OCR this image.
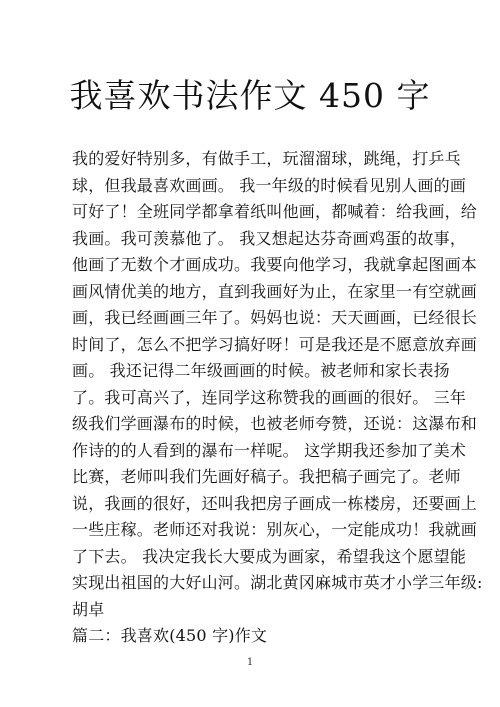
我喜欢书法作文 450 字
我的爱好特别多，有做手工，玩溜溜球，跳绳，打乒乓
球，但我最喜欢画画。 我一年级的时候看见别人画的画
可好了！全班同学都拿着纸叫他画，都喊着：给我画，给
我画。我可羡慕他了。 我又想起达芬奇画鸡蛋的故事，
他画了无数个才画成功。我要向他学习，我就拿起图画本
画风情优美的地方，直到我画好为止，在家里一有空就画
画，我已经画画三年了。妈妈也说：天天画画，已经很长
时间了，怎么不把学习搞好呀！可是我还是不愿意放弃画
画。 我还记得二年级画画的时候。被老师和家长表扬
了。我可高兴了，连同学这称赞我的画画的很好。 三年
级我们学画瀑布的时候，也被老师夸赞，还说：这瀑布和
作诗的的人看到的瀑布一样呢。 这学期我还参加了美术
比赛，老师叫我们先画好稿子。我把稿子画完了。老师
说，我画的很好，还叫我把房子画成一栋楼房，还要画上
一些庄稼。老师还对我说：别灰心，一定能成功！我就画
了下去。 我决定我长大要成为画家，希望我这个愿望能
实现出祖国的大好山河。湖北黄冈麻城市英才小学三年级:
胡卓
篇二：我喜欢(450 字)作文
1
